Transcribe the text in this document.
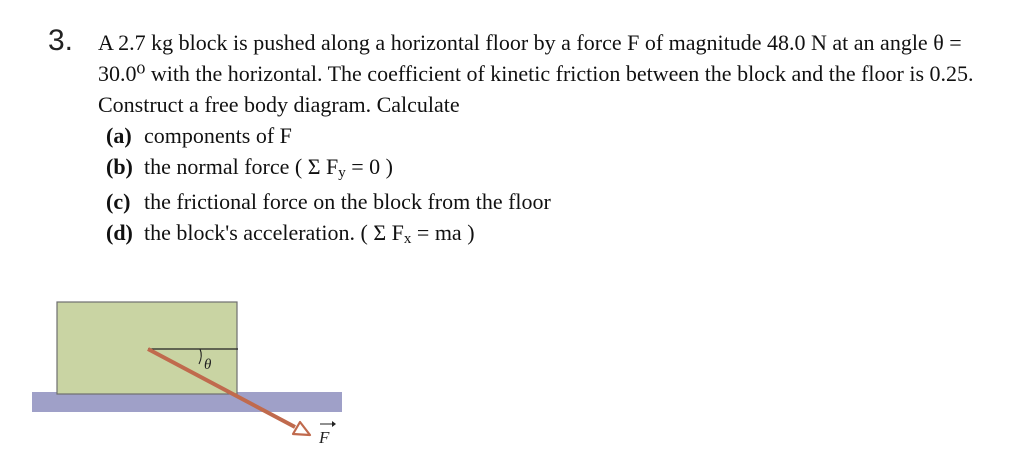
3. A 2.7 kg block is pushed along a horizontal floor by a force F of magnitude 48.0 N at an angle θ = 30.0⁰ with the horizontal. The coefficient of kinetic friction between the block and the floor is 0.25. Construct a free body diagram. Calculate

(a) components of F
(b) the normal force ( Σ Fy = 0 )
(c) the frictional force on the block from the floor
(d) the block's acceleration. ( Σ Fx = ma )
θ
F
